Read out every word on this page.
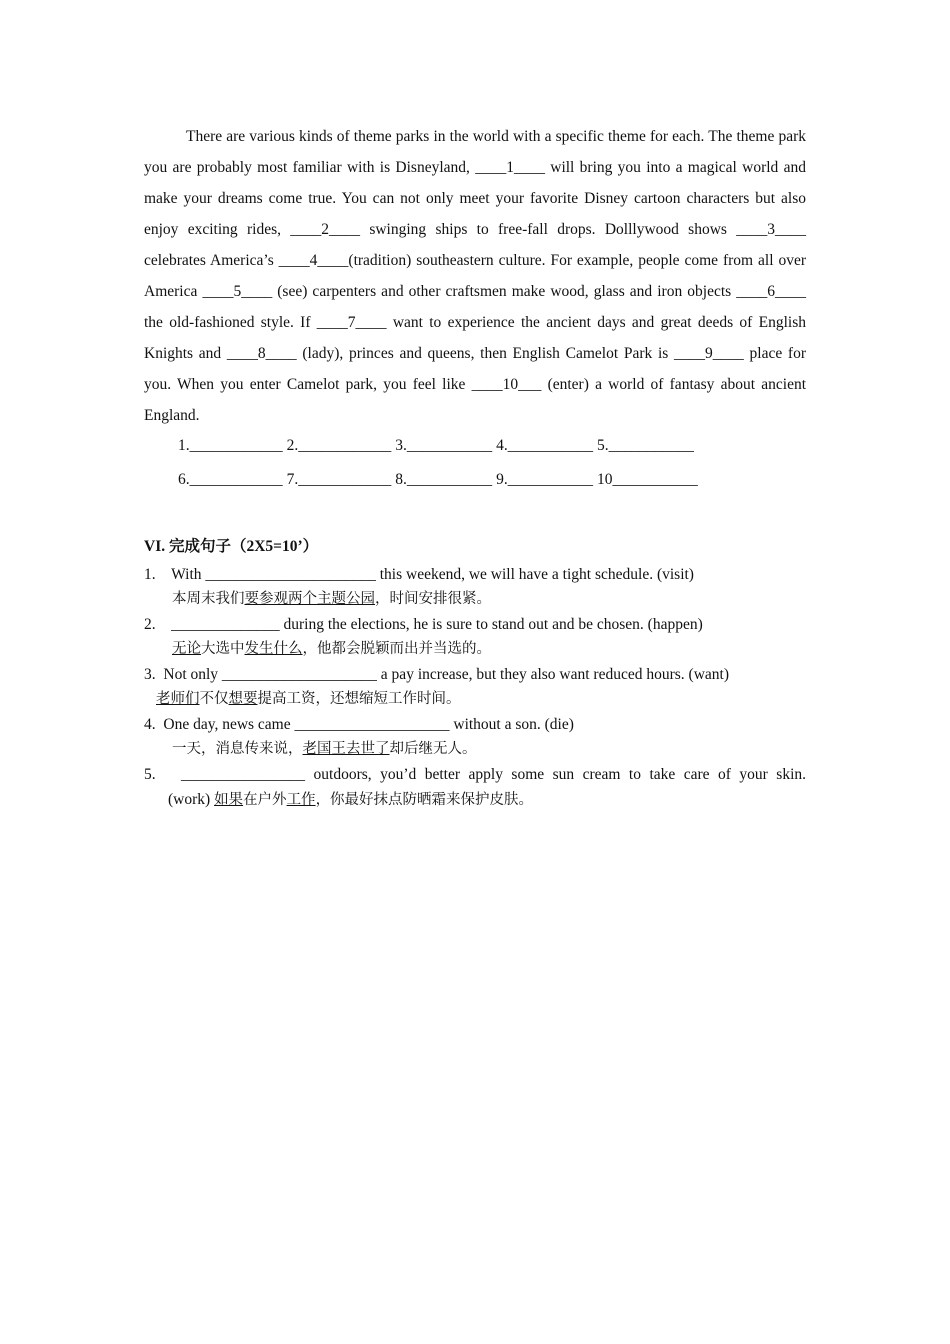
There are various kinds of theme parks in the world with a specific theme for each. The theme park you are probably most familiar with is Disneyland, ____1____ will bring you into a magical world and make your dreams come true. You can not only meet your favorite Disney cartoon characters but also enjoy exciting rides, ____2____ swinging ships to free-fall drops. Dolllywood shows ____3____ celebrates America’s ____4____(tradition) southeastern culture. For example, people come from all over America ____5____ (see) carpenters and other craftsmen make wood, glass and iron objects ____6____ the old-fashioned style. If ____7____ want to experience the ancient days and great deeds of English Knights and ____8____ (lady), princes and queens, then English Camelot Park is ____9____ place for you. When you enter Camelot park, you feel like ____10___ (enter) a world of fantasy about ancient England.

1.____________ 2.____________ 3.___________ 4.___________ 5.___________

6.____________ 7.____________ 8.___________ 9.___________ 10___________

VI. 完成句子（2X5=10’）

1. With ______________________ this weekend, we will have a tight schedule. (visit)
本周末我们要参观两个主题公园，时间安排很紧。
2. ______________ during the elections, he is sure to stand out and be chosen. (happen)
无论大选中发生什么，他都会脱颖而出并当选的。
3. Not only ____________________ a pay increase, but they also want reduced hours. (want)
老师们不仅想要提高工资，还想缩短工作时间。
4. One day, news came ____________________ without a son. (die)
一天，消息传来说，老国王去世了却后继无人。
5. ________________ outdoors, you’d better apply some sun cream to take care of your skin.
(work) 如果在户外工作，你最好抹点防晒霜来保护皮肤。
